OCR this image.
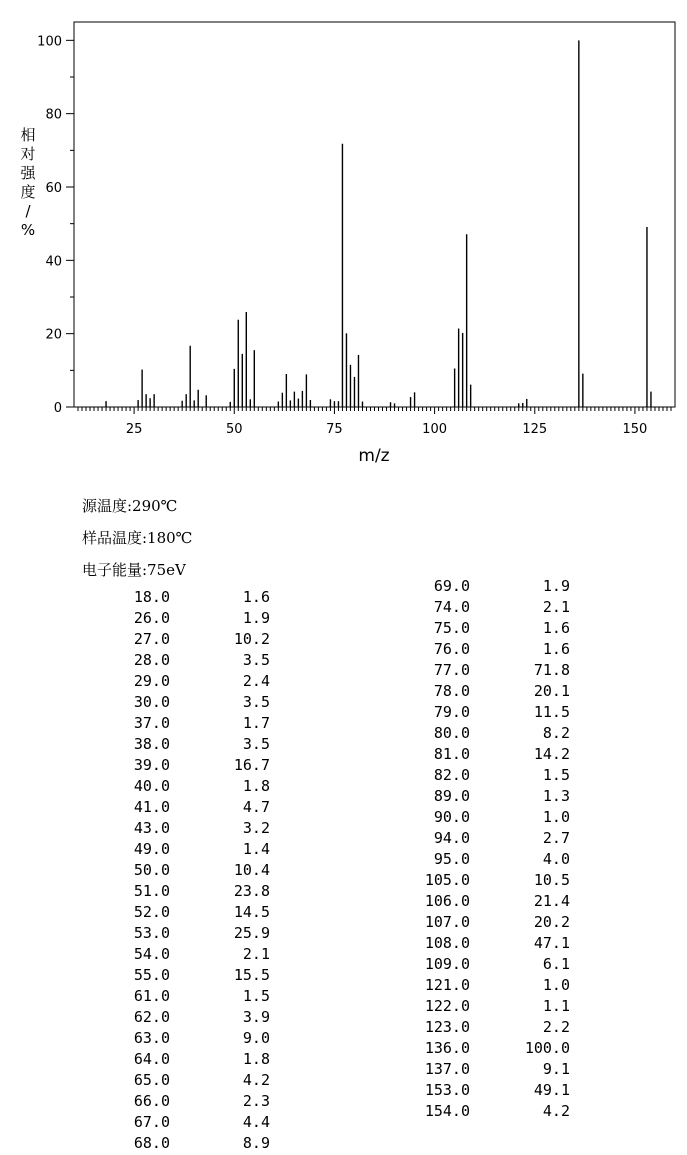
25	50	75	100	125	150
0
20
40
60
80
100
m/z
相对强度/ %
源温度:290℃
样品温度:180℃
电子能量:75eV
18.0	1.6
26.0	1.9
27.0	10.2
28.0	3.5
29.0	2.4
30.0	3.5
37.0	1.7
38.0	3.5
39.0	16.7
40.0	1.8
41.0	4.7
43.0	3.2
49.0	1.4
50.0	10.4
51.0	23.8
52.0	14.5
53.0	25.9
54.0	2.1
55.0	15.5
61.0	1.5
62.0	3.9
63.0	9.0
64.0	1.8
65.0	4.2
66.0	2.3
67.0	4.4
68.0	8.9
69.0	1.9
74.0	2.1
75.0	1.6
76.0	1.6
77.0	71.8
78.0	20.1
79.0	11.5
80.0	8.2
81.0	14.2
82.0	1.5
89.0	1.3
90.0	1.0
94.0	2.7
95.0	4.0
105.0	10.5
106.0	21.4
107.0	20.2
108.0	47.1
109.0	6.1
121.0	1.0
122.0	1.1
123.0	2.2
136.0	100.0
137.0	9.1
153.0	49.1
154.0	4.2
